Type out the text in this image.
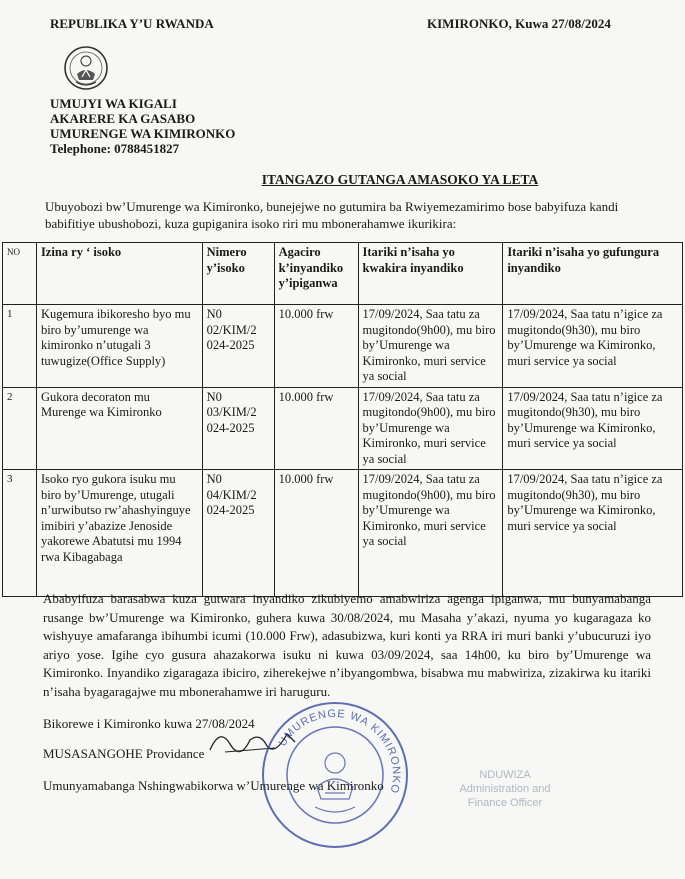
REPUBLIKA Y’U RWANDA	KIMIRONKO, Kuwa 27/08/2024
UMUJYI WA KIGALI
AKARERE KA GASABO
UMURENGE WA KIMIRONKO
Telephone: 0788451827
ITANGAZO GUTANGA AMASOKO YA LETA
Ubuyobozi bw’Umurenge wa Kimironko, bunejejwe no gutumira ba Rwiyemezamirimo bose babyifuza kandi babifitiye ubushobozi, kuza gupiganira isoko riri mu mbonerahamwe ikurikira:
NO	Izina ry ‘ isoko	Nimero y’isoko	Agaciro k’inyandiko y’ipiganwa	Itariki n’isaha yo kwakira inyandiko	Itariki n’isaha yo gufungura inyandiko
1	Kugemura ibikoresho byo mu biro by’umurenge wa kimironko n’utugali 3 tuwugize(Office Supply)	N0 02/KIM/2 024-2025	10.000 frw	17/09/2024, Saa tatu za mugitondo(9h00), mu biro by’Umurenge wa Kimironko, muri service ya social	17/09/2024, Saa tatu n’igice za mugitondo(9h30), mu biro by’Umurenge wa Kimironko, muri service ya social
2	Gukora decoraton mu Murenge wa Kimironko	N0 03/KIM/2 024-2025	10.000 frw	17/09/2024, Saa tatu za mugitondo(9h00), mu biro by’Umurenge wa Kimironko, muri service ya social	17/09/2024, Saa tatu n’igice za mugitondo(9h30), mu biro by’Umurenge wa Kimironko, muri service ya social
3	Isoko ryo gukora isuku mu biro by’Umurenge, utugali n’urwibutso rw’ahashyinguye imibiri y’abazize Jenoside yakorewe Abatutsi mu 1994 rwa Kibagabaga	N0 04/KIM/2 024-2025	10.000 frw	17/09/2024, Saa tatu za mugitondo(9h00), mu biro by’Umurenge wa Kimironko, muri service ya social	17/09/2024, Saa tatu n’igice za mugitondo(9h30), mu biro by’Umurenge wa Kimironko, muri service ya social
Ababyifuza barasabwa kuza gutwara inyandiko zikubiyemo amabwiriza agenga ipiganwa, mu bunyamabanga rusange bw’Umurenge wa Kimironko, guhera kuwa 30/08/2024, mu Masaha y’akazi, nyuma yo kugaragaza ko wishyuye amafaranga ibihumbi icumi (10.000 Frw), adasubizwa, kuri konti ya RRA iri muri banki y’ubucuruzi iyo ariyo yose. Igihe cyo gusura ahazakorwa isuku ni kuwa 03/09/2024, saa 14h00, ku biro by’Umurenge wa Kimironko. Inyandiko zigaragaza ibiciro, ziherekejwe n’ibyangombwa, bisabwa mu mabwiriza, zizakirwa ku itariki n’isaha byagaragajwe mu mbonerahamwe iri haruguru.
Bikorewe i Kimironko kuwa 27/08/2024
MUSASANGOHE Providance
Umunyamabanga Nshingwabikorwa w’Umurenge wa Kimironko
UMURENGE WA KIMIRONKO
NDUWIZA
Administration and
Finance Officer
